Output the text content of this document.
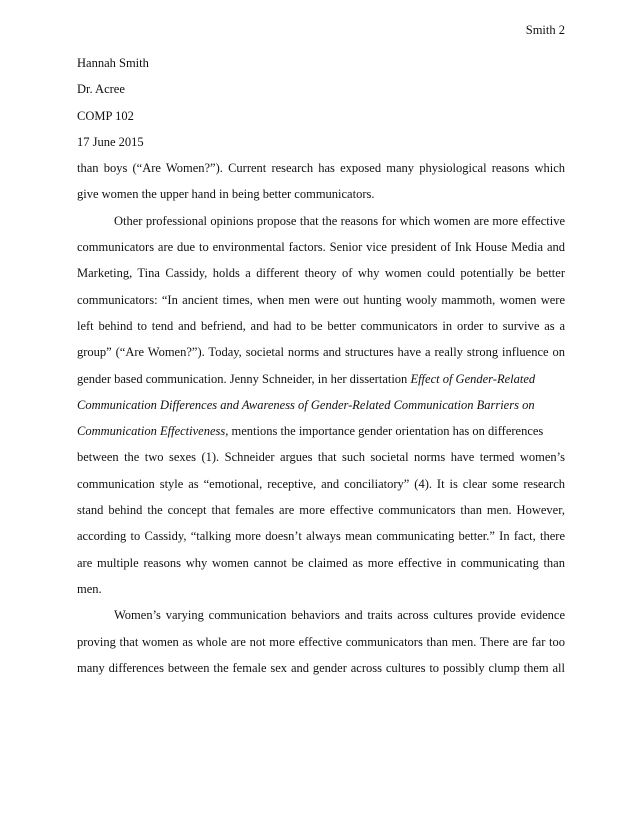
Smith 2
Hannah Smith
Dr. Acree
COMP 102
17 June 2015
than boys (“Are Women?”). Current research has exposed many physiological reasons which
give women the upper hand in being better communicators.
Other professional opinions propose that the reasons for which women are more effective
communicators are due to environmental factors. Senior vice president of Ink House Media and
Marketing, Tina Cassidy, holds a different theory of why women could potentially be better
communicators: “In ancient times, when men were out hunting wooly mammoth, women were
left behind to tend and befriend, and had to be better communicators in order to survive as a
group” (“Are Women?”). Today, societal norms and structures have a really strong influence on
gender based communication. Jenny Schneider, in her dissertation Effect of Gender-Related
Communication Differences and Awareness of Gender-Related Communication Barriers on
Communication Effectiveness, mentions the importance gender orientation has on differences
between the two sexes (1). Schneider argues that such societal norms have termed women’s
communication style as “emotional, receptive, and conciliatory” (4). It is clear some research
stand behind the concept that females are more effective communicators than men. However,
according to Cassidy, “talking more doesn’t always mean communicating better.” In fact, there
are multiple reasons why women cannot be claimed as more effective in communicating than
men.
Women’s varying communication behaviors and traits across cultures provide evidence
proving that women as whole are not more effective communicators than men. There are far too
many differences between the female sex and gender across cultures to possibly clump them all
